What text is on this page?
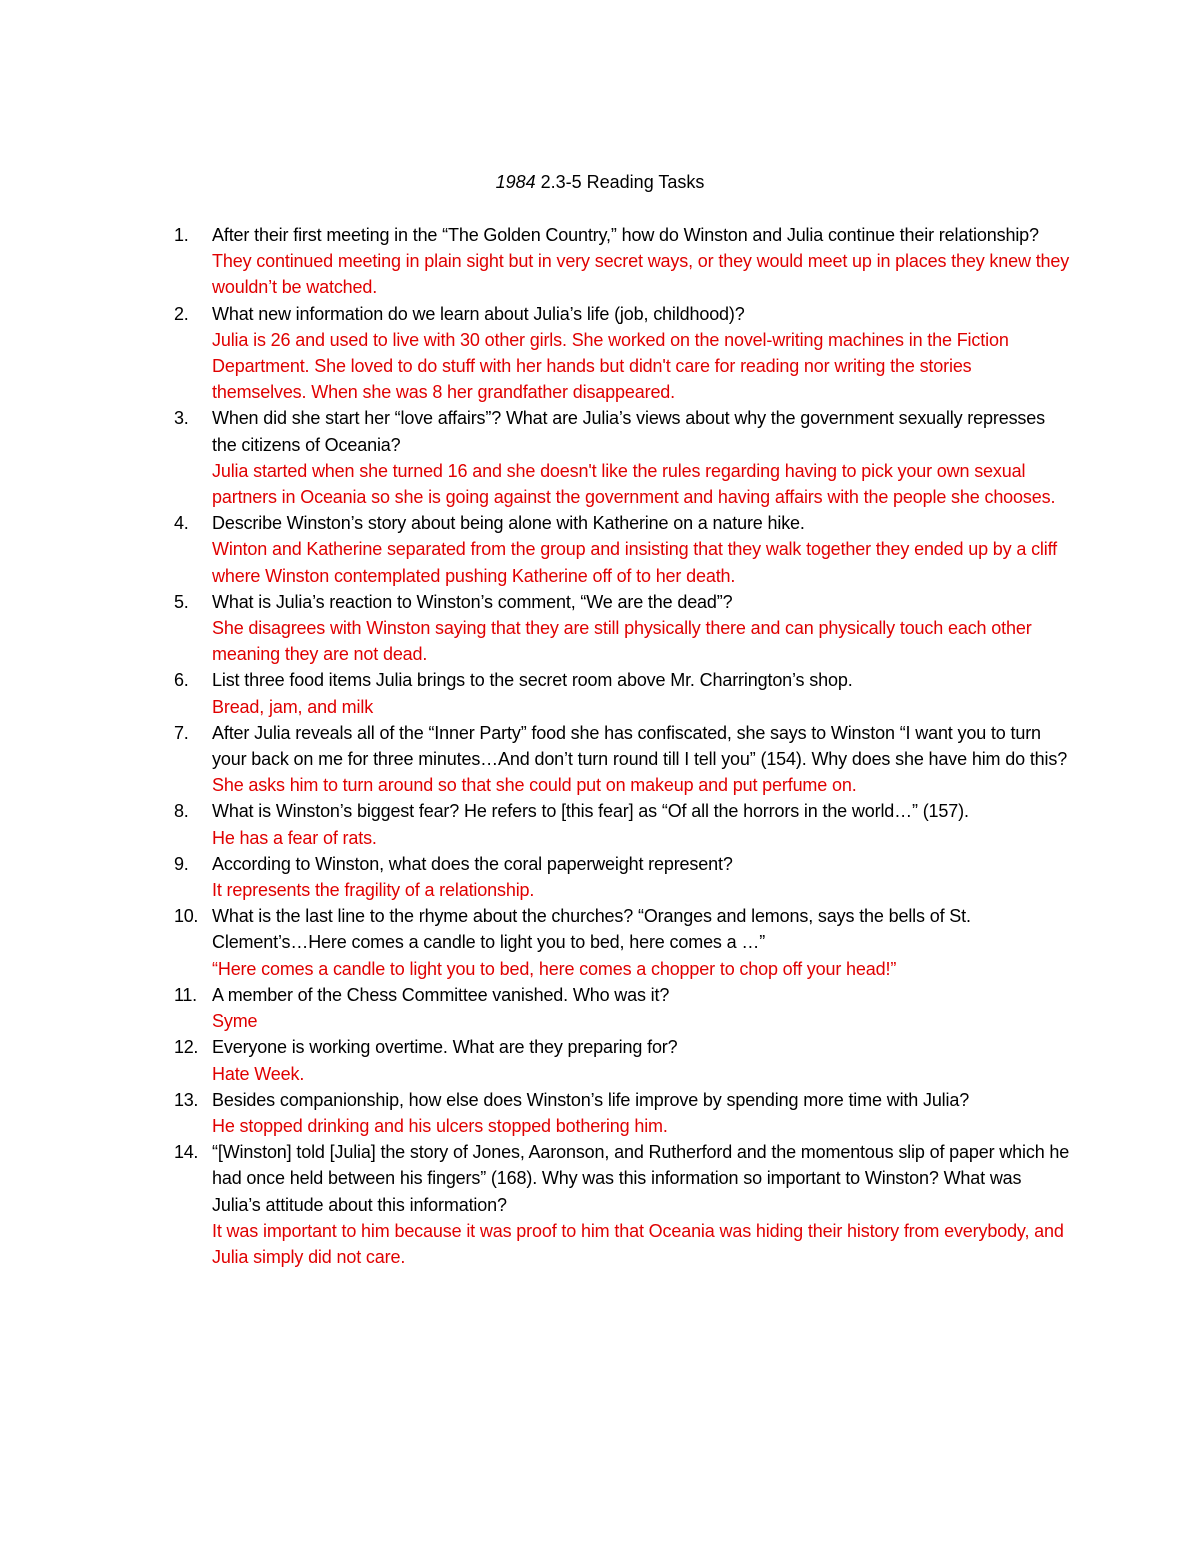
1984 2.3-5 Reading Tasks
1.	After their first meeting in the “The Golden Country,” how do Winston and Julia continue their relationship?
They continued meeting in plain sight but in very secret ways, or they would meet up in places they knew they wouldn’t be watched.
2.	What new information do we learn about Julia’s life (job, childhood)?
Julia is 26 and used to live with 30 other girls. She worked on the novel-writing machines in the Fiction Department. She loved to do stuff with her hands but didn't care for reading nor writing the stories themselves. When she was 8 her grandfather disappeared.
3.	When did she start her “love affairs”? What are Julia’s views about why the government sexually represses the citizens of Oceania?
Julia started when she turned 16 and she doesn't like the rules regarding having to pick your own sexual partners in Oceania so she is going against the government and having affairs with the people she chooses.
4.	Describe Winston’s story about being alone with Katherine on a nature hike.
Winton and Katherine separated from the group and insisting that they walk together they ended up by a cliff where Winston contemplated pushing Katherine off of to her death.
5.	What is Julia’s reaction to Winston’s comment, “We are the dead”?
She disagrees with Winston saying that they are still physically there and can physically touch each other meaning they are not dead.
6.	List three food items Julia brings to the secret room above Mr. Charrington’s shop.
Bread, jam, and milk
7.	After Julia reveals all of the “Inner Party” food she has confiscated, she says to Winston “I want you to turn your back on me for three minutes…And don’t turn round till I tell you” (154). Why does she have him do this?
She asks him to turn around so that she could put on makeup and put perfume on.
8.	What is Winston’s biggest fear? He refers to [this fear] as “Of all the horrors in the world…” (157).
He has a fear of rats.
9.	According to Winston, what does the coral paperweight represent?
It represents the fragility of a relationship.
10. What is the last line to the rhyme about the churches? “Oranges and lemons, says the bells of St. Clement’s…Here comes a candle to light you to bed, here comes a …”
“Here comes a candle to light you to bed, here comes a chopper to chop off your head!”
11. A member of the Chess Committee vanished. Who was it?
Syme
12. Everyone is working overtime. What are they preparing for?
Hate Week.
13. Besides companionship, how else does Winston’s life improve by spending more time with Julia?
He stopped drinking and his ulcers stopped bothering him.
14. “[Winston] told [Julia] the story of Jones, Aaronson, and Rutherford and the momentous slip of paper which he had once held between his fingers” (168). Why was this information so important to Winston? What was Julia’s attitude about this information?
It was important to him because it was proof to him that Oceania was hiding their history from everybody, and Julia simply did not care.
